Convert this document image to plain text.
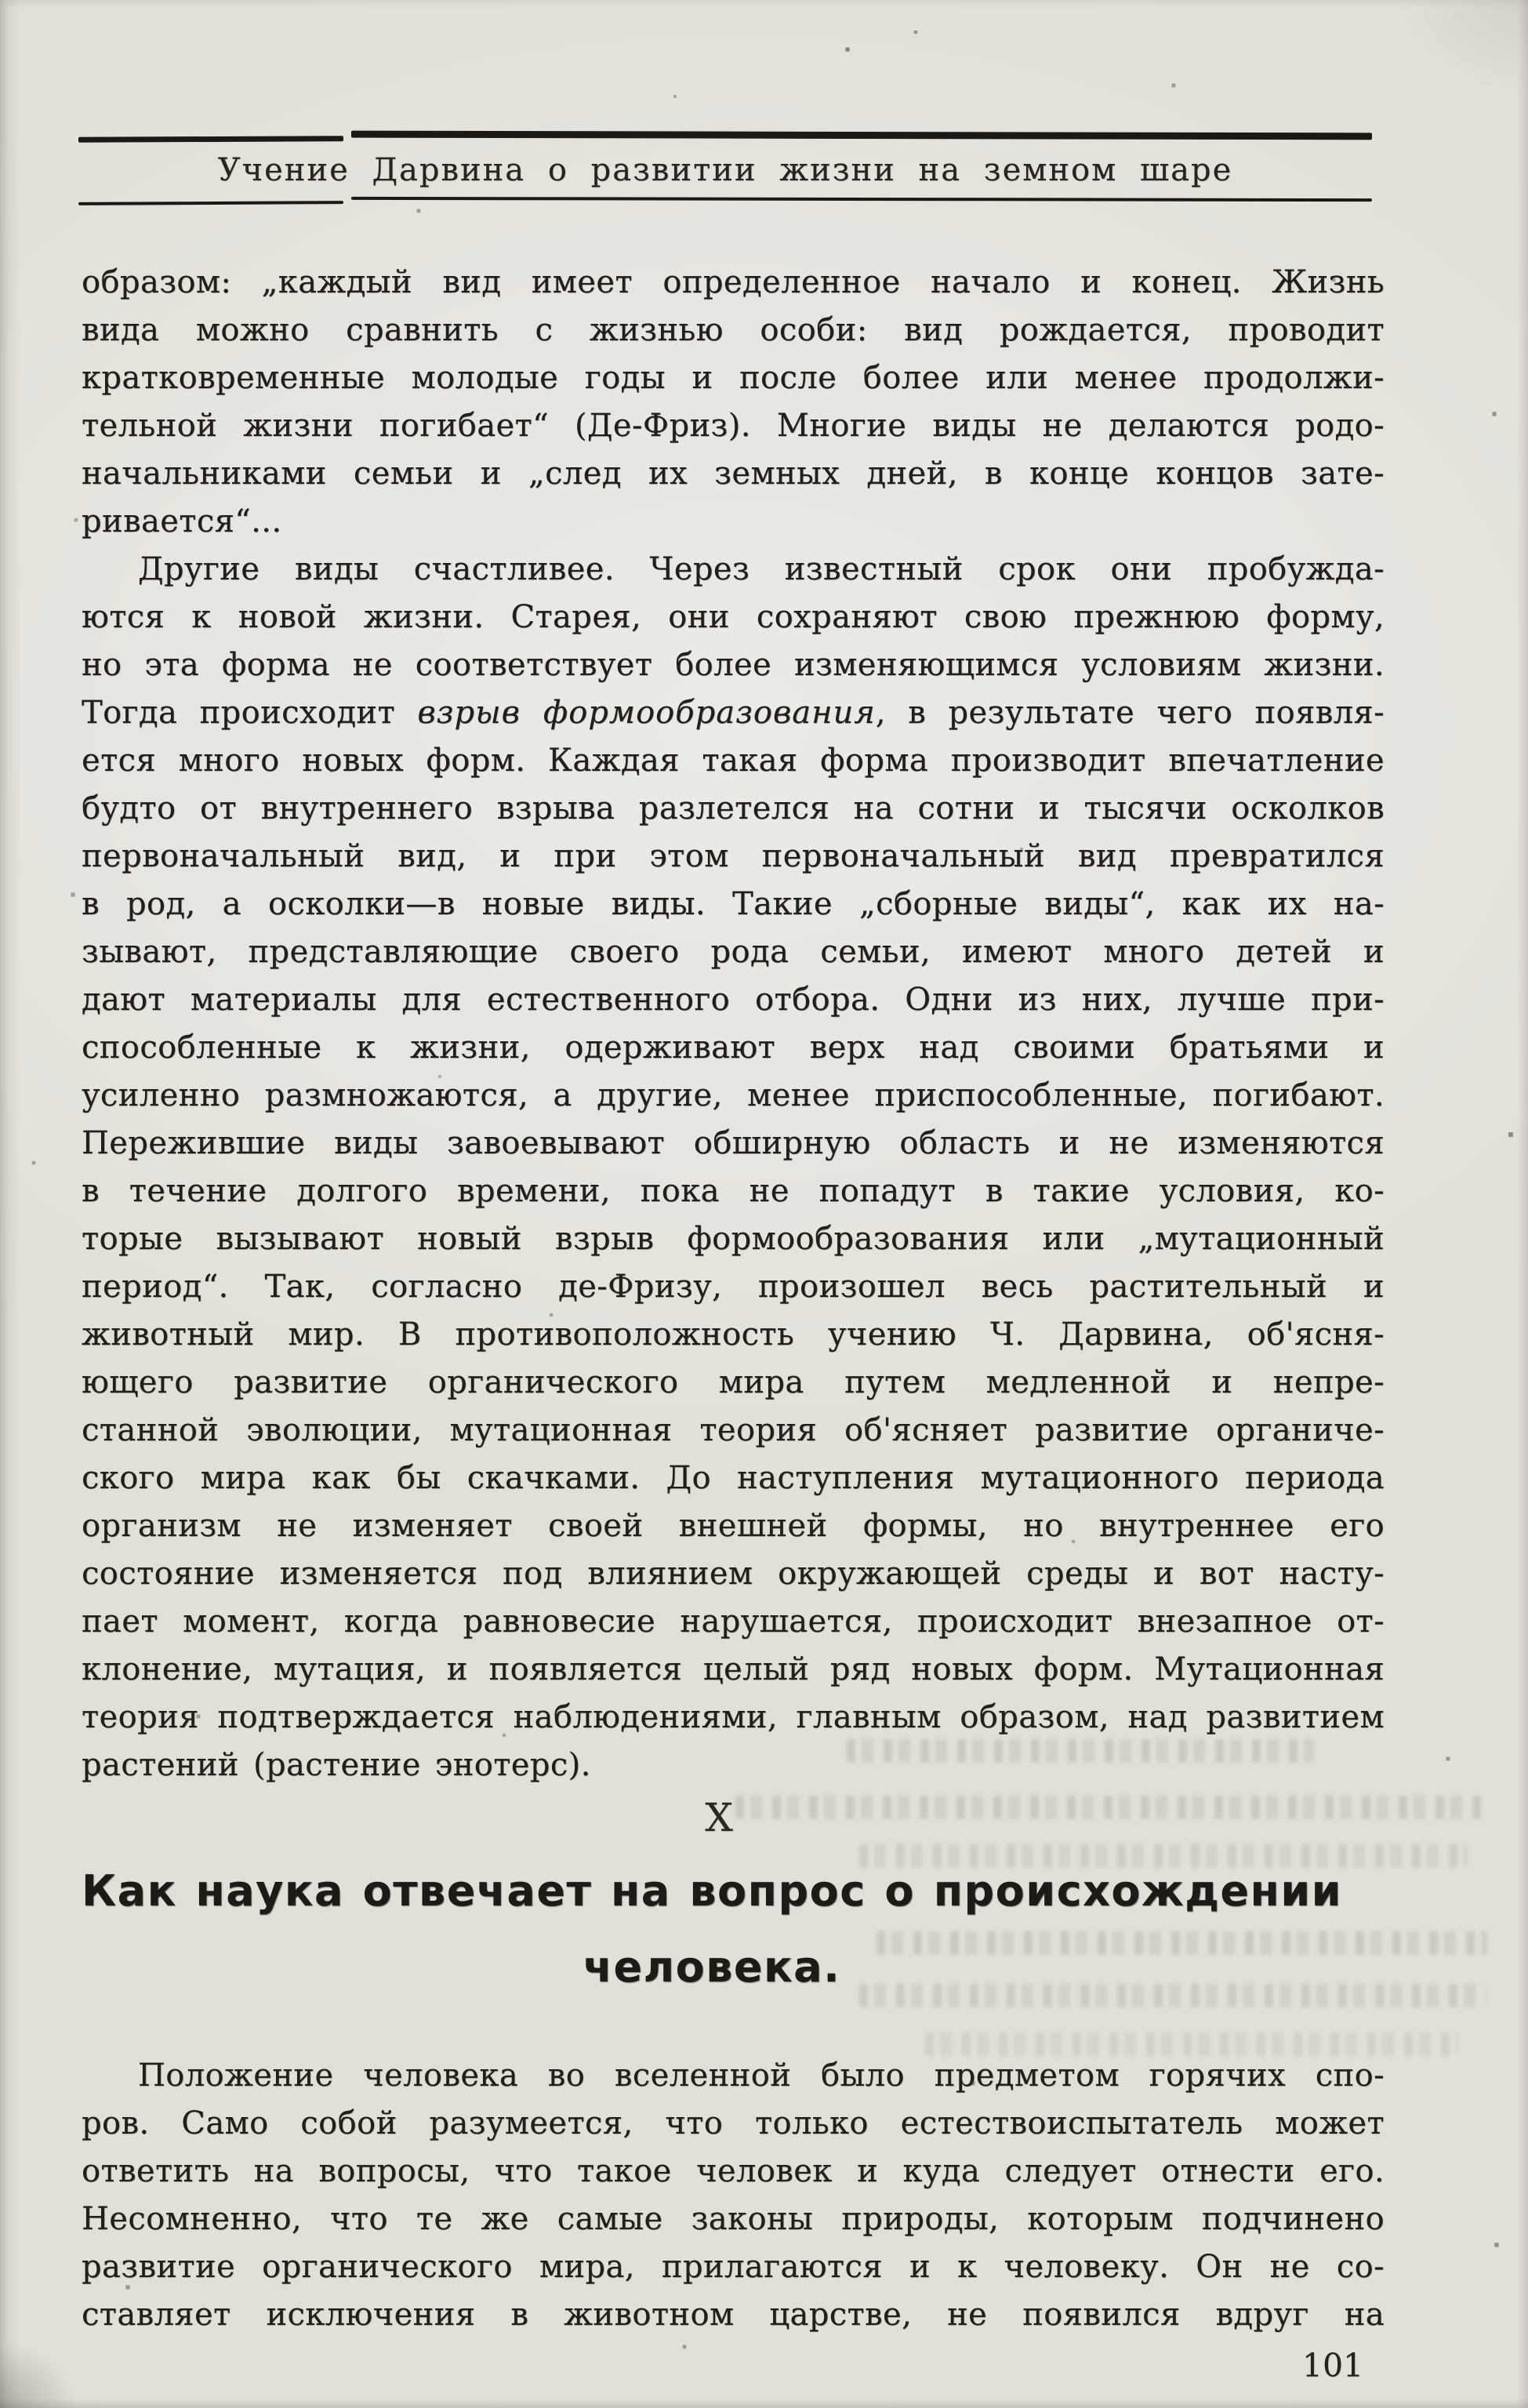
Учение Дарвина о развитии жизни на земном шаре
образом: „каждый вид имеет определенное начало и конец. Жизнь
вида можно сравнить с жизнью особи: вид рождается, проводит
кратковременные молодые годы и после более или менее продолжи-
тельной жизни погибает“ (Де-Фриз). Многие виды не делаются родо-
начальниками семьи и „след их земных дней, в конце концов зате-
ривается“...
Другие виды счастливее. Через известный срок они пробужда-
ются к новой жизни. Старея, они сохраняют свою прежнюю форму,
но эта форма не соответствует более изменяющимся условиям жизни.
Тогда происходит взрыв формообразования, в результате чего появля-
ется много новых форм. Каждая такая форма производит впечатление
будто от внутреннего взрыва разлетелся на сотни и тысячи осколков
первоначальный вид, и при этом первоначальный вид превратился
в род, а осколки—в новые виды. Такие „сборные виды“, как их на-
зывают, представляющие своего рода семьи, имеют много детей и
дают материалы для естественного отбора. Одни из них, лучше при-
способленные к жизни, одерживают верх над своими братьями и
усиленно размножаются, а другие, менее приспособленные, погибают.
Пережившие виды завоевывают обширную область и не изменяются
в течение долгого времени, пока не попадут в такие условия, ко-
торые вызывают новый взрыв формообразования или „мутационный
период“. Так, согласно де-Фризу, произошел весь растительный и
животный мир. В противоположность учению Ч. Дарвина, об'ясня-
ющего развитие органического мира путем медленной и непре-
станной эволюции, мутационная теория об'ясняет развитие органиче-
ского мира как бы скачками. До наступления мутационного периода
организм не изменяет своей внешней формы, но внутреннее его
состояние изменяется под влиянием окружающей среды и вот насту-
пает момент, когда равновесие нарушается, происходит внезапное от-
клонение, мутация, и появляется целый ряд новых форм. Мутационная
теория подтверждается наблюдениями, главным образом, над развитием
растений (растение энотерс).
X
Как наука отвечает на вопрос о происхождении
человека.
Положение человека во вселенной было предметом горячих спо-
ров. Само собой разумеется, что только естествоиспытатель может
ответить на вопросы, что такое человек и куда следует отнести его.
Несомненно, что те же самые законы природы, которым подчинено
развитие органического мира, прилагаются и к человеку. Он не со-
ставляет исключения в животном царстве, не появился вдруг на
101
